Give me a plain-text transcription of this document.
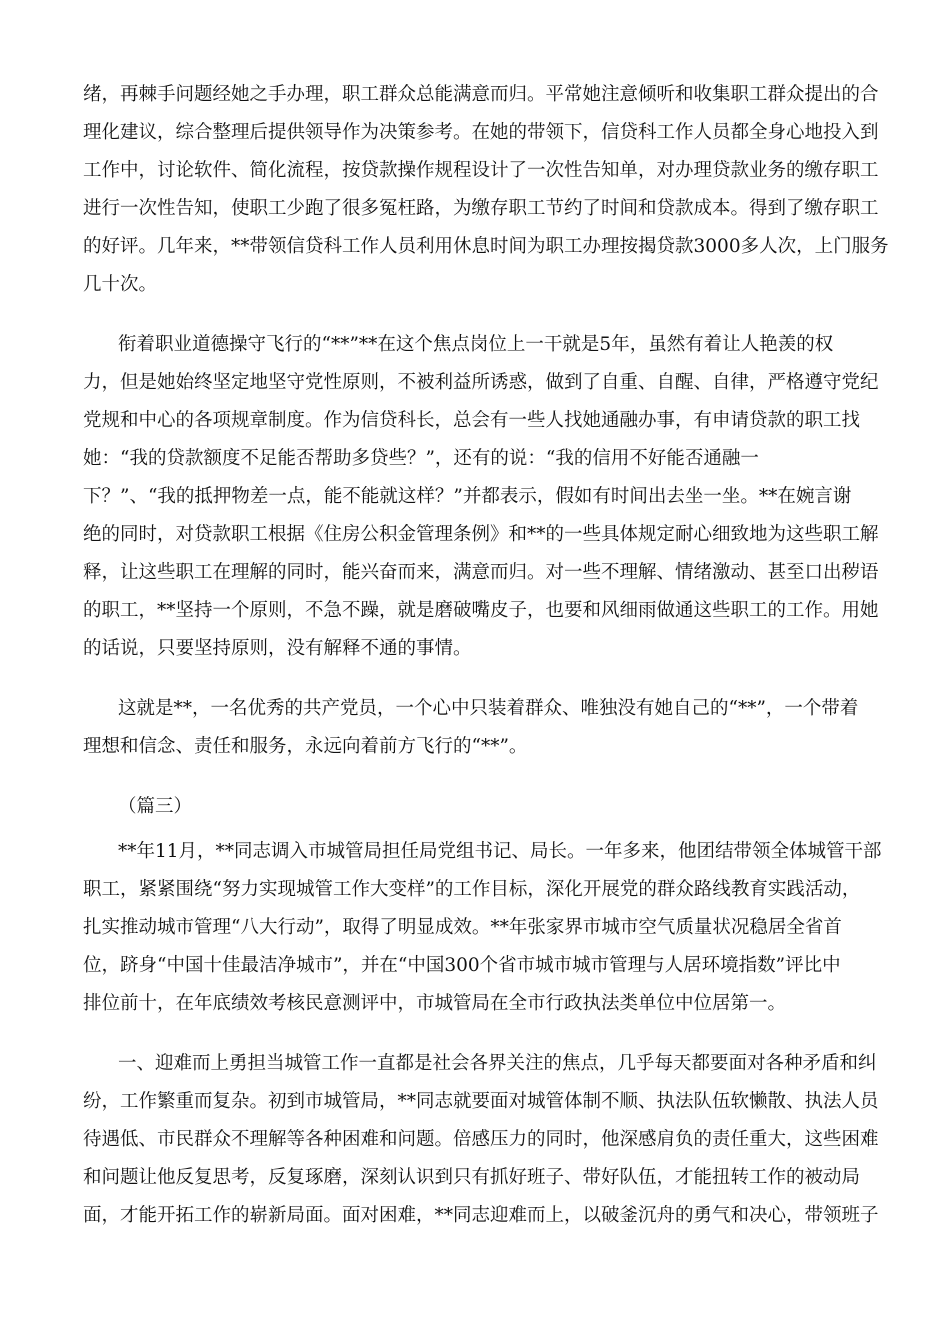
绪，再棘手问题经她之手办理，职工群众总能满意而归。平常她注意倾听和收集职工群众提出的合

理化建议，综合整理后提供领导作为决策参考。在她的带领下，信贷科工作人员都全身心地投入到

工作中，讨论软件、简化流程，按贷款操作规程设计了一次性告知单，对办理贷款业务的缴存职工

进行一次性告知，使职工少跑了很多冤枉路，为缴存职工节约了时间和贷款成本。得到了缴存职工

的好评。几年来，**带领信贷科工作人员利用休息时间为职工办理按揭贷款3000多人次，上门服务

几十次。

衔着职业道德操守飞行的“**”**在这个焦点岗位上一干就是5年，虽然有着让人艳羡的权

力，但是她始终坚定地坚守党性原则，不被利益所诱惑，做到了自重、自醒、自律，严格遵守党纪

党规和中心的各项规章制度。作为信贷科长，总会有一些人找她通融办事，有申请贷款的职工找

她：“我的贷款额度不足能否帮助多贷些？”，还有的说：“我的信用不好能否通融一

下？”、“我的抵押物差一点，能不能就这样？”并都表示，假如有时间出去坐一坐。**在婉言谢

绝的同时，对贷款职工根据《住房公积金管理条例》和**的一些具体规定耐心细致地为这些职工解

释，让这些职工在理解的同时，能兴奋而来，满意而归。对一些不理解、情绪激动、甚至口出秽语

的职工，**坚持一个原则，不急不躁，就是磨破嘴皮子，也要和风细雨做通这些职工的工作。用她

的话说，只要坚持原则，没有解释不通的事情。

这就是**，一名优秀的共产党员，一个心中只装着群众、唯独没有她自己的“**”，一个带着

理想和信念、责任和服务，永远向着前方飞行的“**”。

（篇三）

**年11月，**同志调入市城管局担任局党组书记、局长。一年多来，他团结带领全体城管干部

职工，紧紧围绕“努力实现城管工作大变样”的工作目标，深化开展党的群众路线教育实践活动，

扎实推动城市管理“八大行动”，取得了明显成效。**年张家界市城市空气质量状况稳居全省首

位，跻身“中国十佳最洁净城市”，并在“中国300个省市城市城市管理与人居环境指数”评比中

排位前十，在年底绩效考核民意测评中，市城管局在全市行政执法类单位中位居第一。

一、迎难而上勇担当城管工作一直都是社会各界关注的焦点，几乎每天都要面对各种矛盾和纠

纷，工作繁重而复杂。初到市城管局，**同志就要面对城管体制不顺、执法队伍软懒散、执法人员

待遇低、市民群众不理解等各种困难和问题。倍感压力的同时，他深感肩负的责任重大，这些困难

和问题让他反复思考，反复琢磨，深刻认识到只有抓好班子、带好队伍，才能扭转工作的被动局

面，才能开拓工作的崭新局面。面对困难，**同志迎难而上，以破釜沉舟的勇气和决心，带领班子
